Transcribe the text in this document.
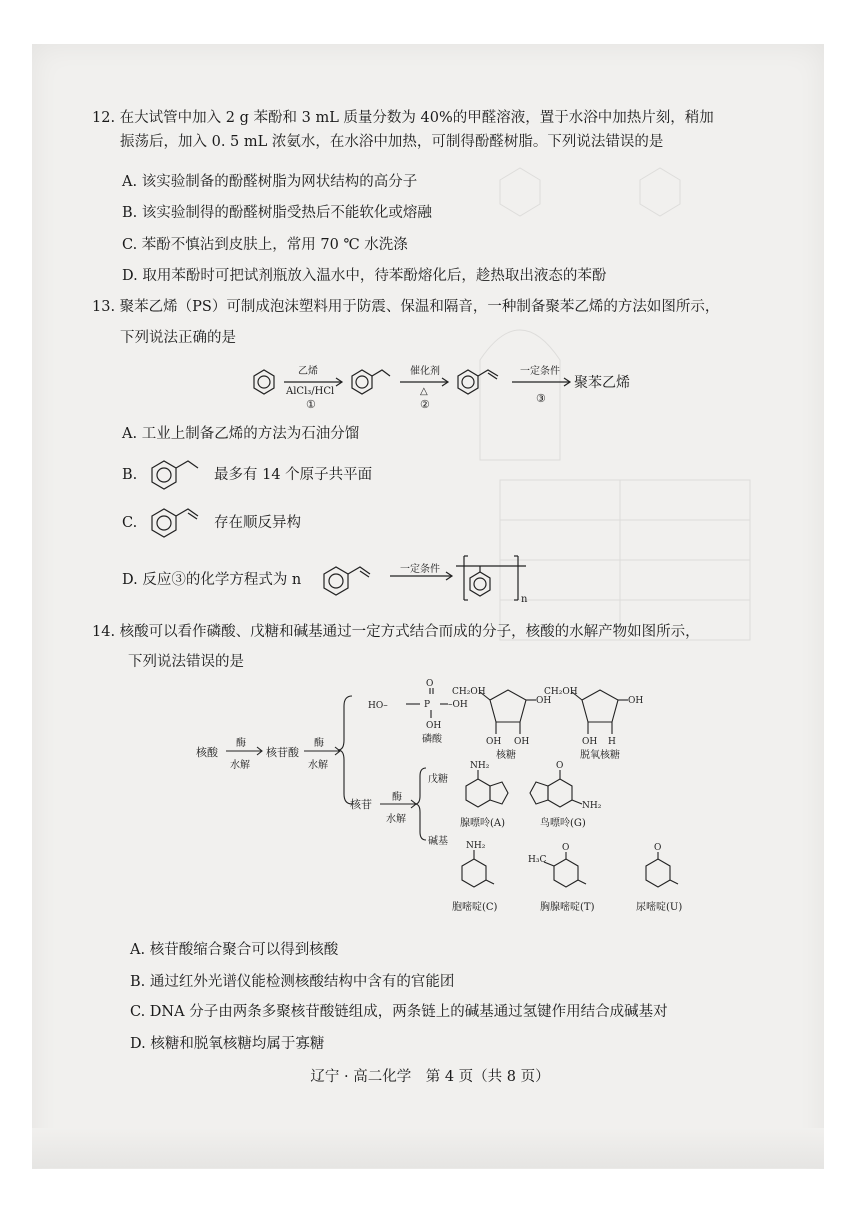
12. 在大试管中加入 2 g 苯酚和 3 mL 质量分数为 40%的甲醛溶液，置于水浴中加热片刻，稍加
振荡后，加入 0. 5 mL 浓氨水，在水浴中加热，可制得酚醛树脂。下列说法错误的是
A. 该实验制备的酚醛树脂为网状结构的高分子
B. 该实验制得的酚醛树脂受热后不能软化或熔融
C. 苯酚不慎沾到皮肤上，常用 70 ℃ 水洗涤
D. 取用苯酚时可把试剂瓶放入温水中，待苯酚熔化后，趁热取出液态的苯酚
13. 聚苯乙烯（PS）可制成泡沫塑料用于防震、保温和隔音，一种制备聚苯乙烯的方法如图所示，
下列说法正确的是
乙烯
AlCl₃/HCl
①
催化剂
△
②
一定条件
③
聚苯乙烯
A. 工业上制备乙烯的方法为石油分馏
B.	最多有 14 个原子共平面
C.	存在顺反异构
D. 反应③的化学方程式为 n
一定条件
n
14. 核酸可以看作磷酸、戊糖和碱基通过一定方式结合而成的分子，核酸的水解产物如图所示，
下列说法错误的是
HO–
O
P –OH
OH
CH₂OH
OH OH
OH
CH₂OH
OH H
OH
NH₂	O
NH₂
NH₂
H₃C
O	O
核酸
酶
水解
核苷酸
酶
水解
磷酸
核苷
酶
水解
戊糖
碱基
核糖	脱氧核糖
腺嘌呤(A)	鸟嘌呤(G)
胞嘧啶(C)	胸腺嘧啶(T)	尿嘧啶(U)
A. 核苷酸缩合聚合可以得到核酸
B. 通过红外光谱仪能检测核酸结构中含有的官能团
C. DNA 分子由两条多聚核苷酸链组成，两条链上的碱基通过氢键作用结合成碱基对
D. 核糖和脱氧核糖均属于寡糖
辽宁 · 高二化学　第 4 页（共 8 页）
